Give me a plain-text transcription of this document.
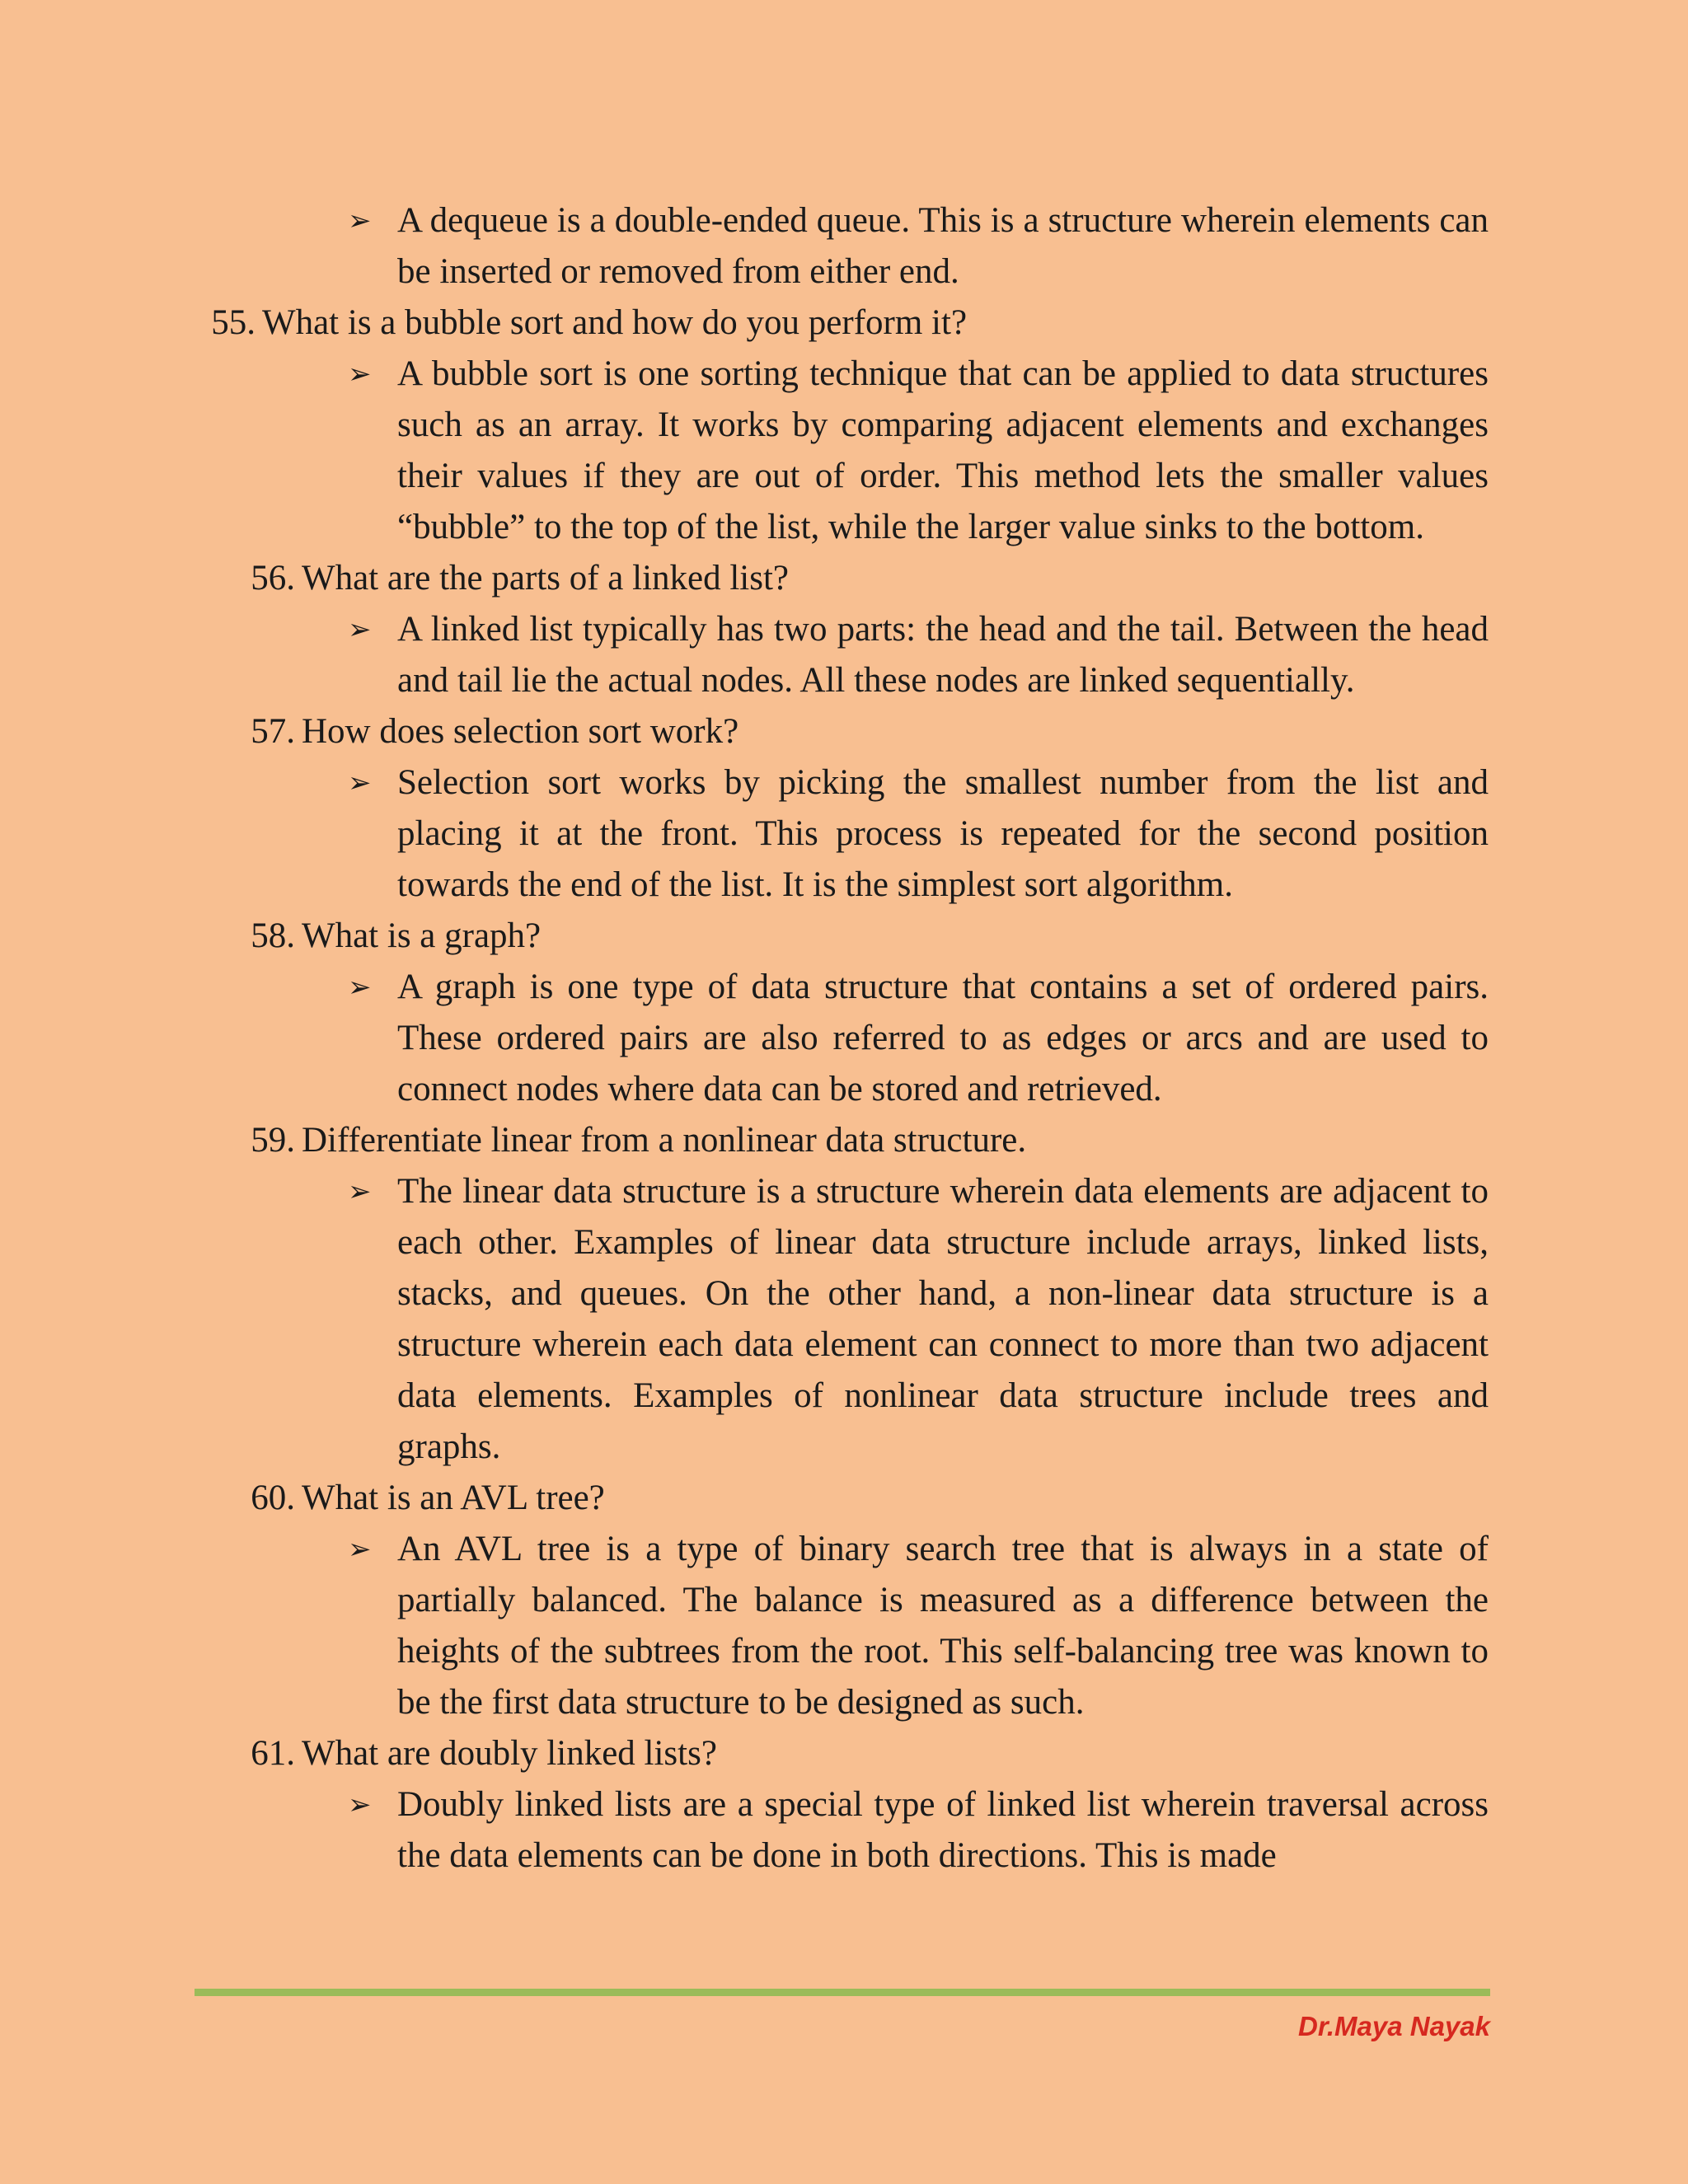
➢ A dequeue is a double-ended queue. This is a structure wherein elements can be inserted or removed from either end.

55. What is a bubble sort and how do you perform it?
➢ A bubble sort is one sorting technique that can be applied to data structures such as an array. It works by comparing adjacent elements and exchanges their values if they are out of order. This method lets the smaller values “bubble” to the top of the list, while the larger value sinks to the bottom.

56. What are the parts of a linked list?
➢ A linked list typically has two parts: the head and the tail. Between the head and tail lie the actual nodes. All these nodes are linked sequentially.

57. How does selection sort work?
➢ Selection sort works by picking the smallest number from the list and placing it at the front. This process is repeated for the second position towards the end of the list. It is the simplest sort algorithm.

58. What is a graph?
➢ A graph is one type of data structure that contains a set of ordered pairs. These ordered pairs are also referred to as edges or arcs and are used to connect nodes where data can be stored and retrieved.

59. Differentiate linear from a nonlinear data structure.
➢ The linear data structure is a structure wherein data elements are adjacent to each other. Examples of linear data structure include arrays, linked lists, stacks, and queues. On the other hand, a non-linear data structure is a structure wherein each data element can connect to more than two adjacent data elements. Examples of nonlinear data structure include trees and graphs.

60. What is an AVL tree?
➢ An AVL tree is a type of binary search tree that is always in a state of partially balanced. The balance is measured as a difference between the heights of the subtrees from the root. This self-balancing tree was known to be the first data structure to be designed as such.

61. What are doubly linked lists?
➢ Doubly linked lists are a special type of linked list wherein traversal across the data elements can be done in both directions. This is made

Dr.Maya Nayak
